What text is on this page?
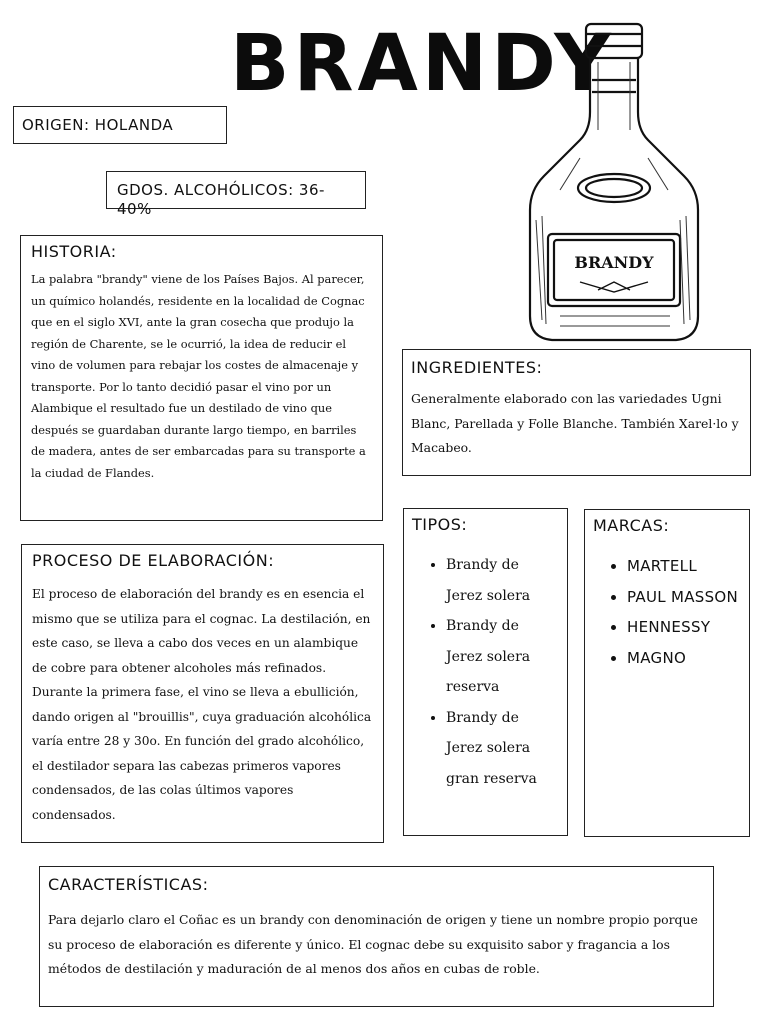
BRANDY
BRANDY
ORIGEN: HOLANDA
GDOS. ALCOHÓLICOS: 36-40%
HISTORIA:

La palabra "brandy" viene de los Países Bajos. Al parecer, un químico holandés, residente en la localidad de Cognac que en el siglo XVI, ante la gran cosecha que produjo la región de Charente, se le ocurrió, la idea de reducir el vino de volumen para rebajar los costes de almacenaje y transporte. Por lo tanto decidió pasar el vino por un Alambique el resultado fue un destilado de vino que después se guardaban durante largo tiempo, en barriles de madera, antes de ser embarcadas para su transporte a la ciudad de Flandes.

INGREDIENTES:

Generalmente elaborado con las variedades Ugni Blanc, Parellada y Folle Blanche. También Xarel·lo y Macabeo.

PROCESO DE ELABORACIÓN:

El proceso de elaboración del brandy es en esencia el mismo que se utiliza para el cognac. La destilación, en este caso, se lleva a cabo dos veces en un alambique de cobre para obtener alcoholes más refinados. Durante la primera fase, el vino se lleva a ebullición, dando origen al "brouillis", cuya graduación alcohólica varía entre 28 y 30o. En función del grado alcohólico, el destilador separa las cabezas primeros vapores condensados, de las colas últimos vapores condensados.

TIPOS:
• Brandy de Jerez solera
• Brandy de Jerez solera reserva
• Brandy de Jerez solera gran reserva
MARCAS:
• MARTELL
• PAUL MASSON
• HENNESSY
• MAGNO
CARACTERÍSTICAS:

Para dejarlo claro el Coñac es un brandy con denominación de origen y tiene un nombre propio porque su proceso de elaboración es diferente y único. El cognac debe su exquisito sabor y fragancia a los métodos de destilación y maduración de al menos dos años en cubas de roble.
